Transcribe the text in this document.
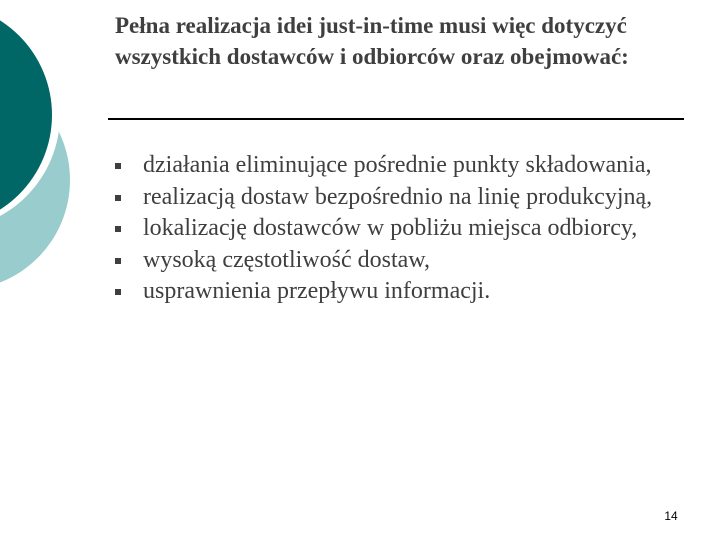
Pełna realizacja idei just-in-time musi więc dotyczyć wszystkich dostawców i odbiorców oraz obejmować:
działania eliminujące pośrednie punkty składowania,
realizacją dostaw bezpośrednio na linię produkcyjną,
lokalizację dostawców w pobliżu miejsca odbiorcy,
wysoką częstotliwość dostaw,
usprawnienia przepływu informacji.
14
